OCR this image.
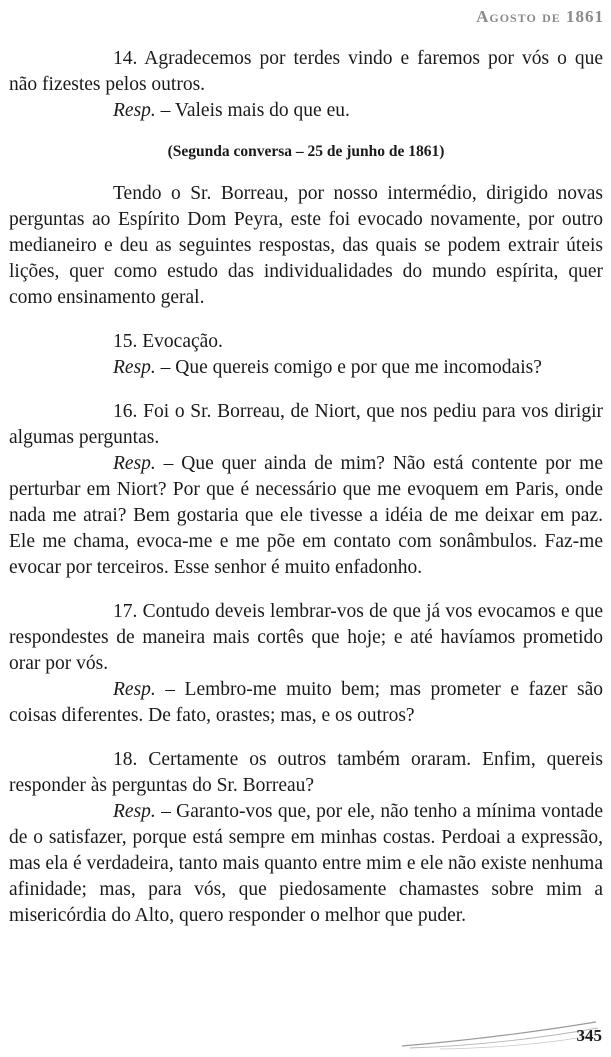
Agosto de 1861

14. Agradecemos por terdes vindo e faremos por vós o que não fizestes pelos outros.

Resp. – Valeis mais do que eu.

(Segunda conversa – 25 de junho de 1861)

Tendo o Sr. Borreau, por nosso intermédio, dirigido novas perguntas ao Espírito Dom Peyra, este foi evocado novamente, por outro medianeiro e deu as seguintes respostas, das quais se podem extrair úteis lições, quer como estudo das individualidades do mundo espírita, quer como ensinamento geral.

15. Evocação.

Resp. – Que quereis comigo e por que me incomodais?

16. Foi o Sr. Borreau, de Niort, que nos pediu para vos dirigir algumas perguntas.

Resp. – Que quer ainda de mim? Não está contente por me perturbar em Niort? Por que é necessário que me evoquem em Paris, onde nada me atrai? Bem gostaria que ele tivesse a idéia de me deixar em paz. Ele me chama, evoca-me e me põe em contato com sonâmbulos. Faz-me evocar por terceiros. Esse senhor é muito enfadonho.

17. Contudo deveis lembrar-vos de que já vos evocamos e que respondestes de maneira mais cortês que hoje; e até havíamos prometido orar por vós.

Resp. – Lembro-me muito bem; mas prometer e fazer são coisas diferentes. De fato, orastes; mas, e os outros?

18. Certamente os outros também oraram. Enfim, quereis responder às perguntas do Sr. Borreau?

Resp. – Garanto-vos que, por ele, não tenho a mínima vontade de o satisfazer, porque está sempre em minhas costas. Perdoai a expressão, mas ela é verdadeira, tanto mais quanto entre mim e ele não existe nenhuma afinidade; mas, para vós, que piedosamente chamastes sobre mim a misericórdia do Alto, quero responder o melhor que puder.

345
